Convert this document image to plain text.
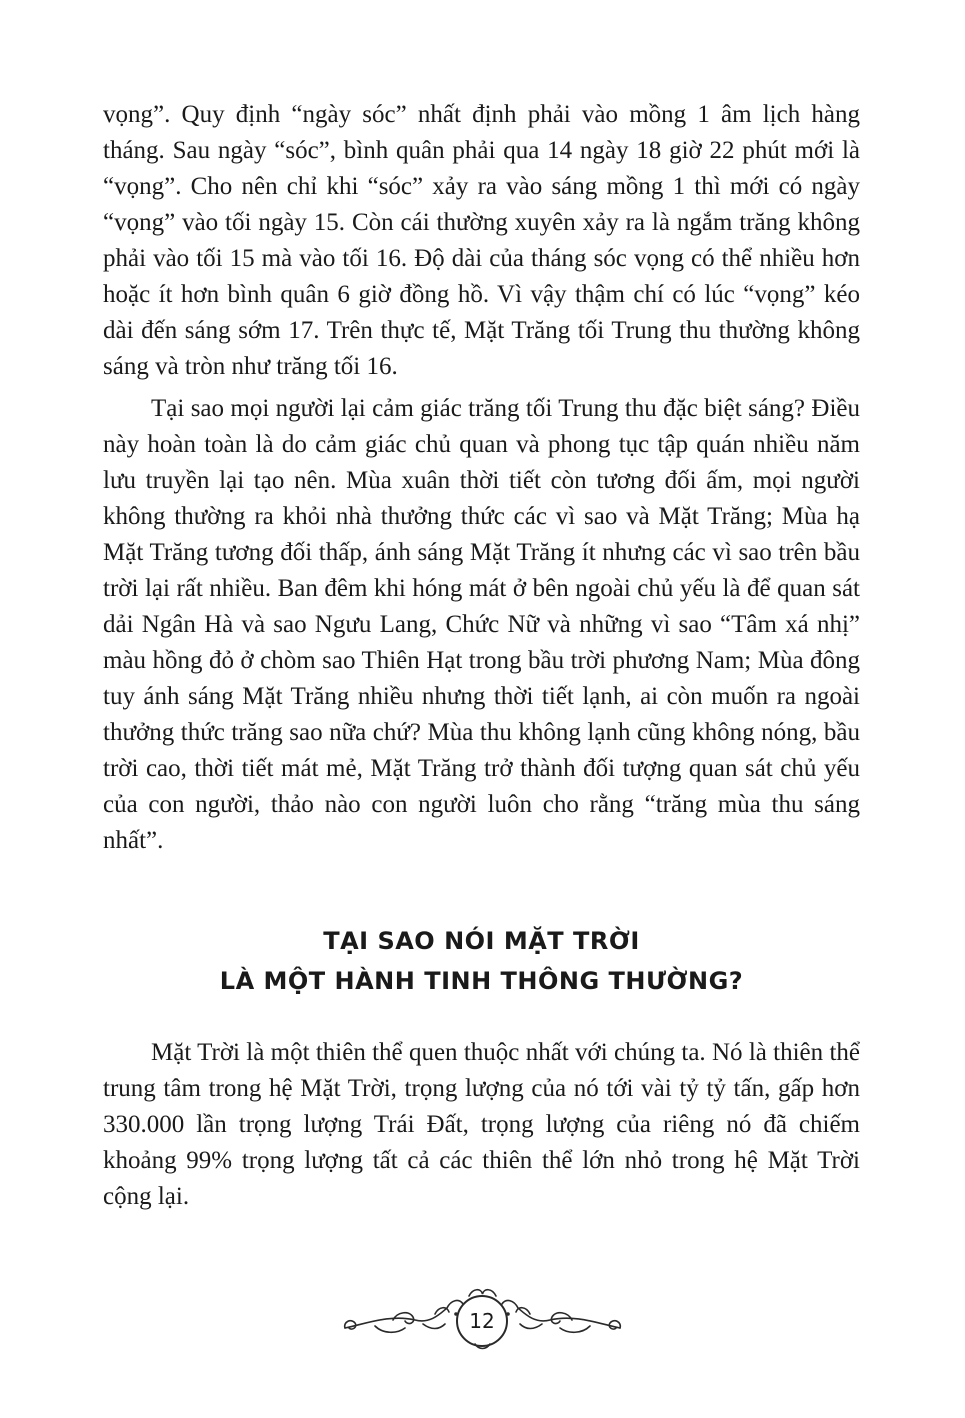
vọng”. Quy định “ngày sóc” nhất định phải vào mồng 1 âm lịch hàng tháng. Sau ngày “sóc”, bình quân phải qua 14 ngày 18 giờ 22 phút mới là “vọng”. Cho nên chỉ khi “sóc” xảy ra vào sáng mồng 1 thì mới có ngày “vọng” vào tối ngày 15. Còn cái thường xuyên xảy ra là ngắm trăng không phải vào tối 15 mà vào tối 16. Độ dài của tháng sóc vọng có thể nhiều hơn hoặc ít hơn bình quân 6 giờ đồng hồ. Vì vậy thậm chí có lúc “vọng” kéo dài đến sáng sớm 17. Trên thực tế, Mặt Trăng tối Trung thu thường không sáng và tròn như trăng tối 16.

Tại sao mọi người lại cảm giác trăng tối Trung thu đặc biệt sáng? Điều này hoàn toàn là do cảm giác chủ quan và phong tục tập quán nhiều năm lưu truyền lại tạo nên. Mùa xuân thời tiết còn tương đối ấm, mọi người không thường ra khỏi nhà thưởng thức các vì sao và Mặt Trăng; Mùa hạ Mặt Trăng tương đối thấp, ánh sáng Mặt Trăng ít nhưng các vì sao trên bầu trời lại rất nhiều. Ban đêm khi hóng mát ở bên ngoài chủ yếu là để quan sát dải Ngân Hà và sao Ngưu Lang, Chức Nữ và những vì sao “Tâm xá nhị” màu hồng đỏ ở chòm sao Thiên Hạt trong bầu trời phương Nam; Mùa đông tuy ánh sáng Mặt Trăng nhiều nhưng thời tiết lạnh, ai còn muốn ra ngoài thưởng thức trăng sao nữa chứ? Mùa thu không lạnh cũng không nóng, bầu trời cao, thời tiết mát mẻ, Mặt Trăng trở thành đối tượng quan sát chủ yếu của con người, thảo nào con người luôn cho rằng “trăng mùa thu sáng nhất”.

TẠI SAO NÓI MẶT TRỜI
LÀ MỘT HÀNH TINH THÔNG THƯỜNG?

Mặt Trời là một thiên thể quen thuộc nhất với chúng ta. Nó là thiên thể trung tâm trong hệ Mặt Trời, trọng lượng của nó tới vài tỷ tỷ tấn, gấp hơn 330.000 lần trọng lượng Trái Đất, trọng lượng của riêng nó đã chiếm khoảng 99% trọng lượng tất cả các thiên thể lớn nhỏ trong hệ Mặt Trời cộng lại.

12
